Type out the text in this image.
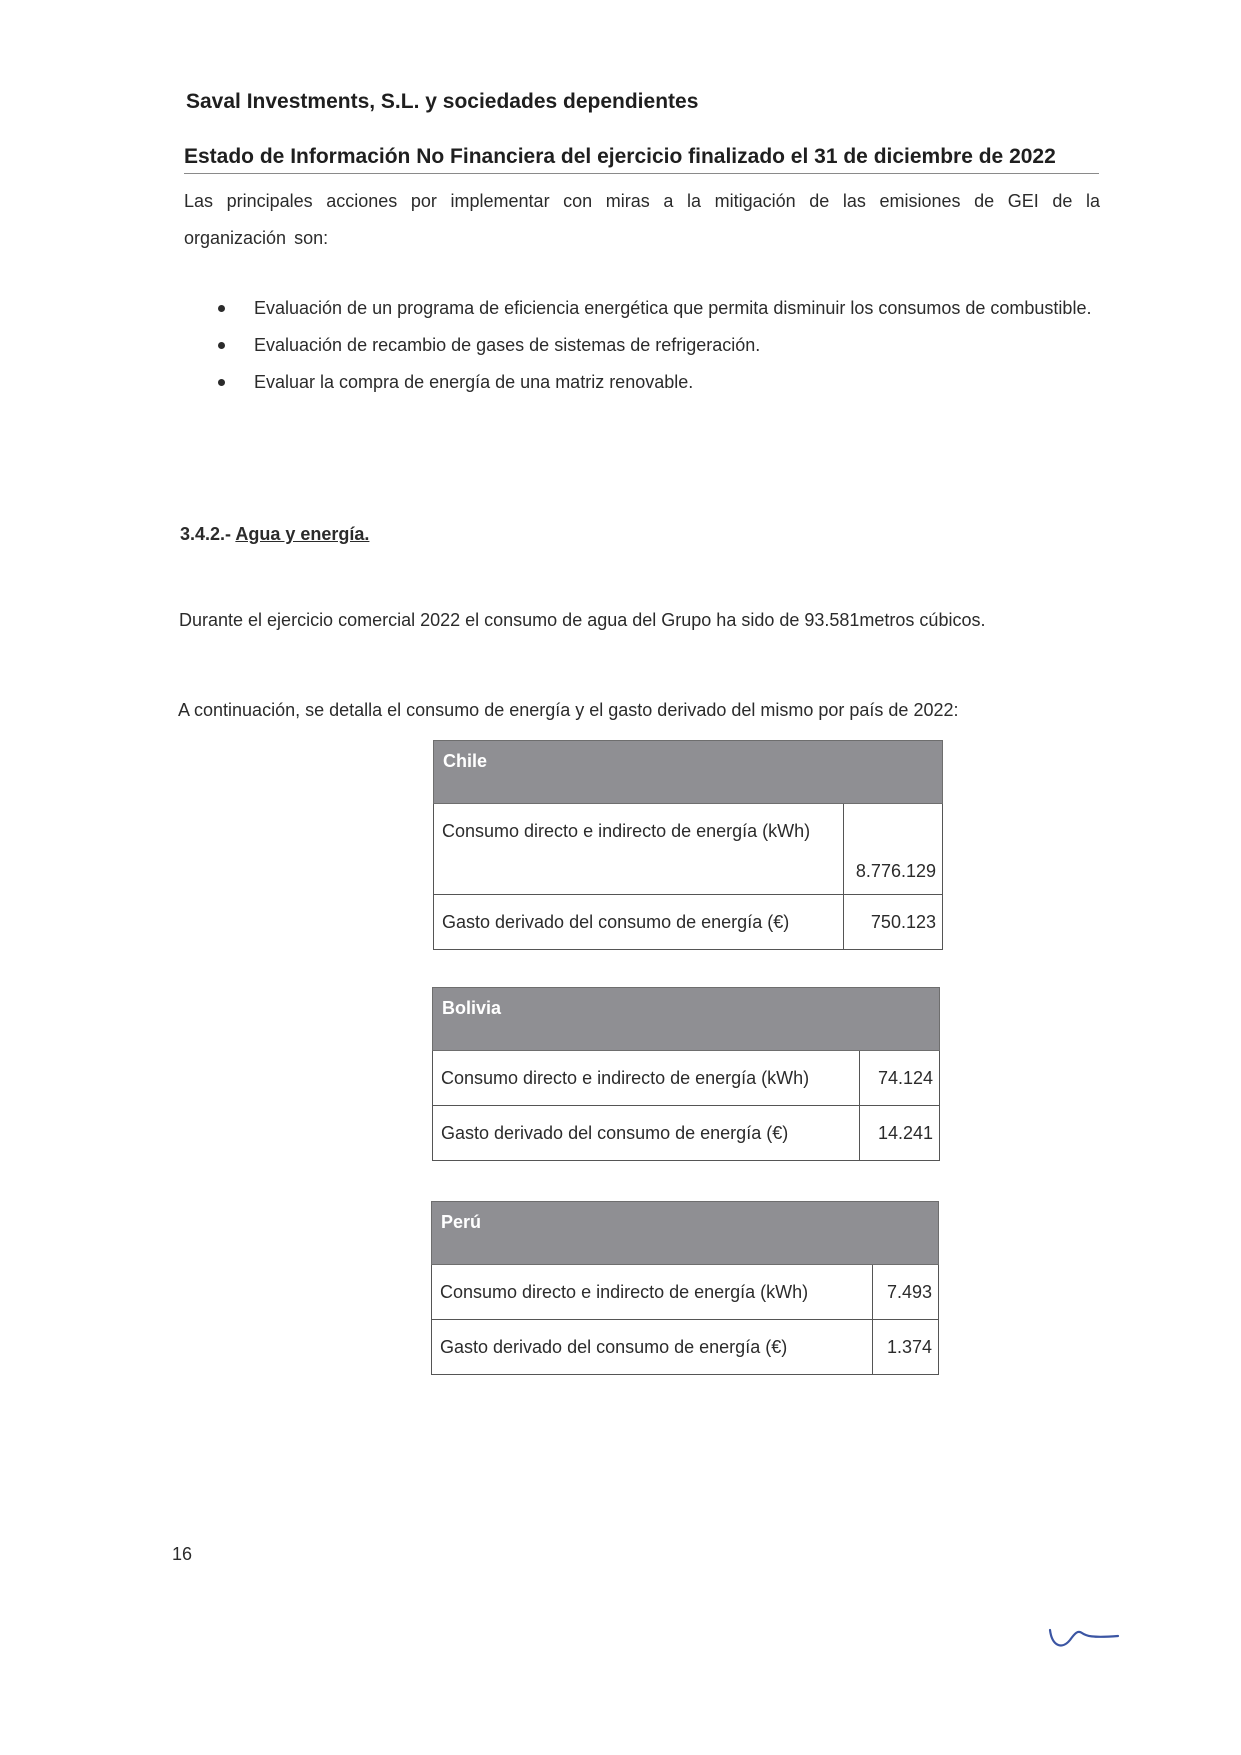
Saval Investments, S.L. y sociedades dependientes
Estado de Información No Financiera del ejercicio finalizado el 31 de diciembre de 2022

Las principales acciones por implementar con miras a la mitigación de las emisiones de GEI de la organización son:

Evaluación de un programa de eficiencia energética que permita disminuir los consumos de combustible.
Evaluación de recambio de gases de sistemas de refrigeración.
Evaluar la compra de energía de una matriz renovable.
3.4.2.- Agua y energía.

Durante el ejercicio comercial 2022 el consumo de agua del Grupo ha sido de 93.581metros cúbicos.

A continuación, se detalla el consumo de energía y el gasto derivado del mismo por país de 2022:

Chile	
Consumo directo e indirecto de energía (kWh)	8.776.129
Gasto derivado del consumo de energía (€)	750.123
Bolivia	
Consumo directo e indirecto de energía (kWh)	74.124
Gasto derivado del consumo de energía (€)	14.241
Perú	
Consumo directo e indirecto de energía (kWh)	7.493
Gasto derivado del consumo de energía (€)	1.374

16
